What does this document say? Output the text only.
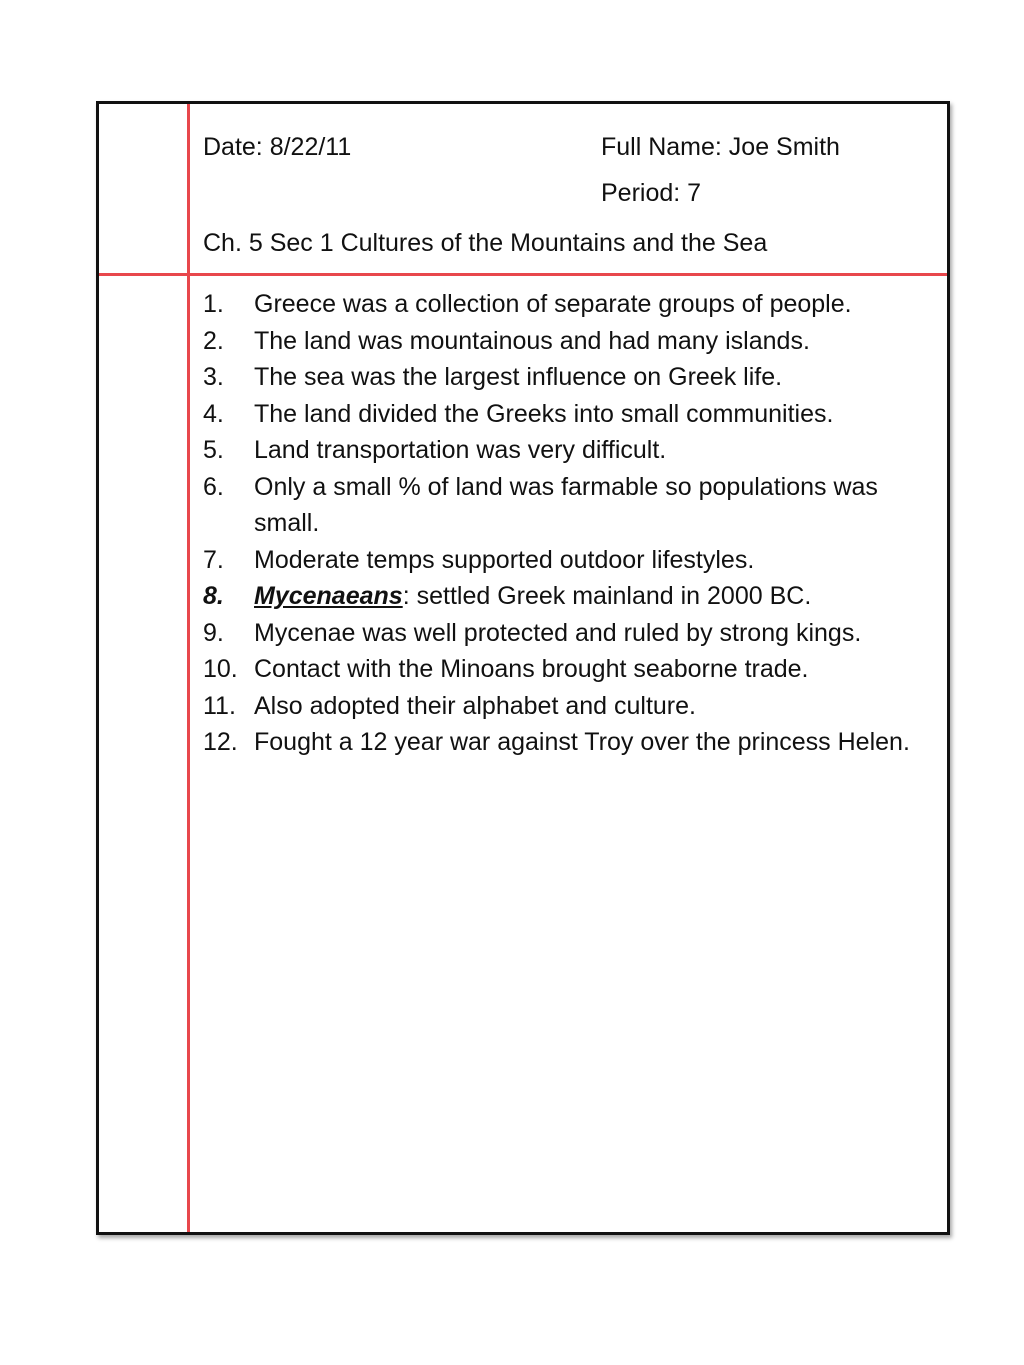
Date: 8/22/11	Full Name: Joe Smith
Period: 7
Ch. 5 Sec 1 Cultures of the Mountains and the Sea
1. Greece was a collection of separate groups of people.
2. The land was mountainous and had many islands.
3. The sea was the largest influence on Greek life.
4. The land divided the Greeks into small communities.
5. Land transportation was very difficult.
6. Only a small % of land was farmable so populations was small.
7. Moderate temps supported outdoor lifestyles.
8. Mycenaeans: settled Greek mainland in 2000 BC.
9. Mycenae was well protected and ruled by strong kings.
10. Contact with the Minoans brought seaborne trade.
11. Also adopted their alphabet and culture.
12. Fought a 12 year war against Troy over the princess Helen.
